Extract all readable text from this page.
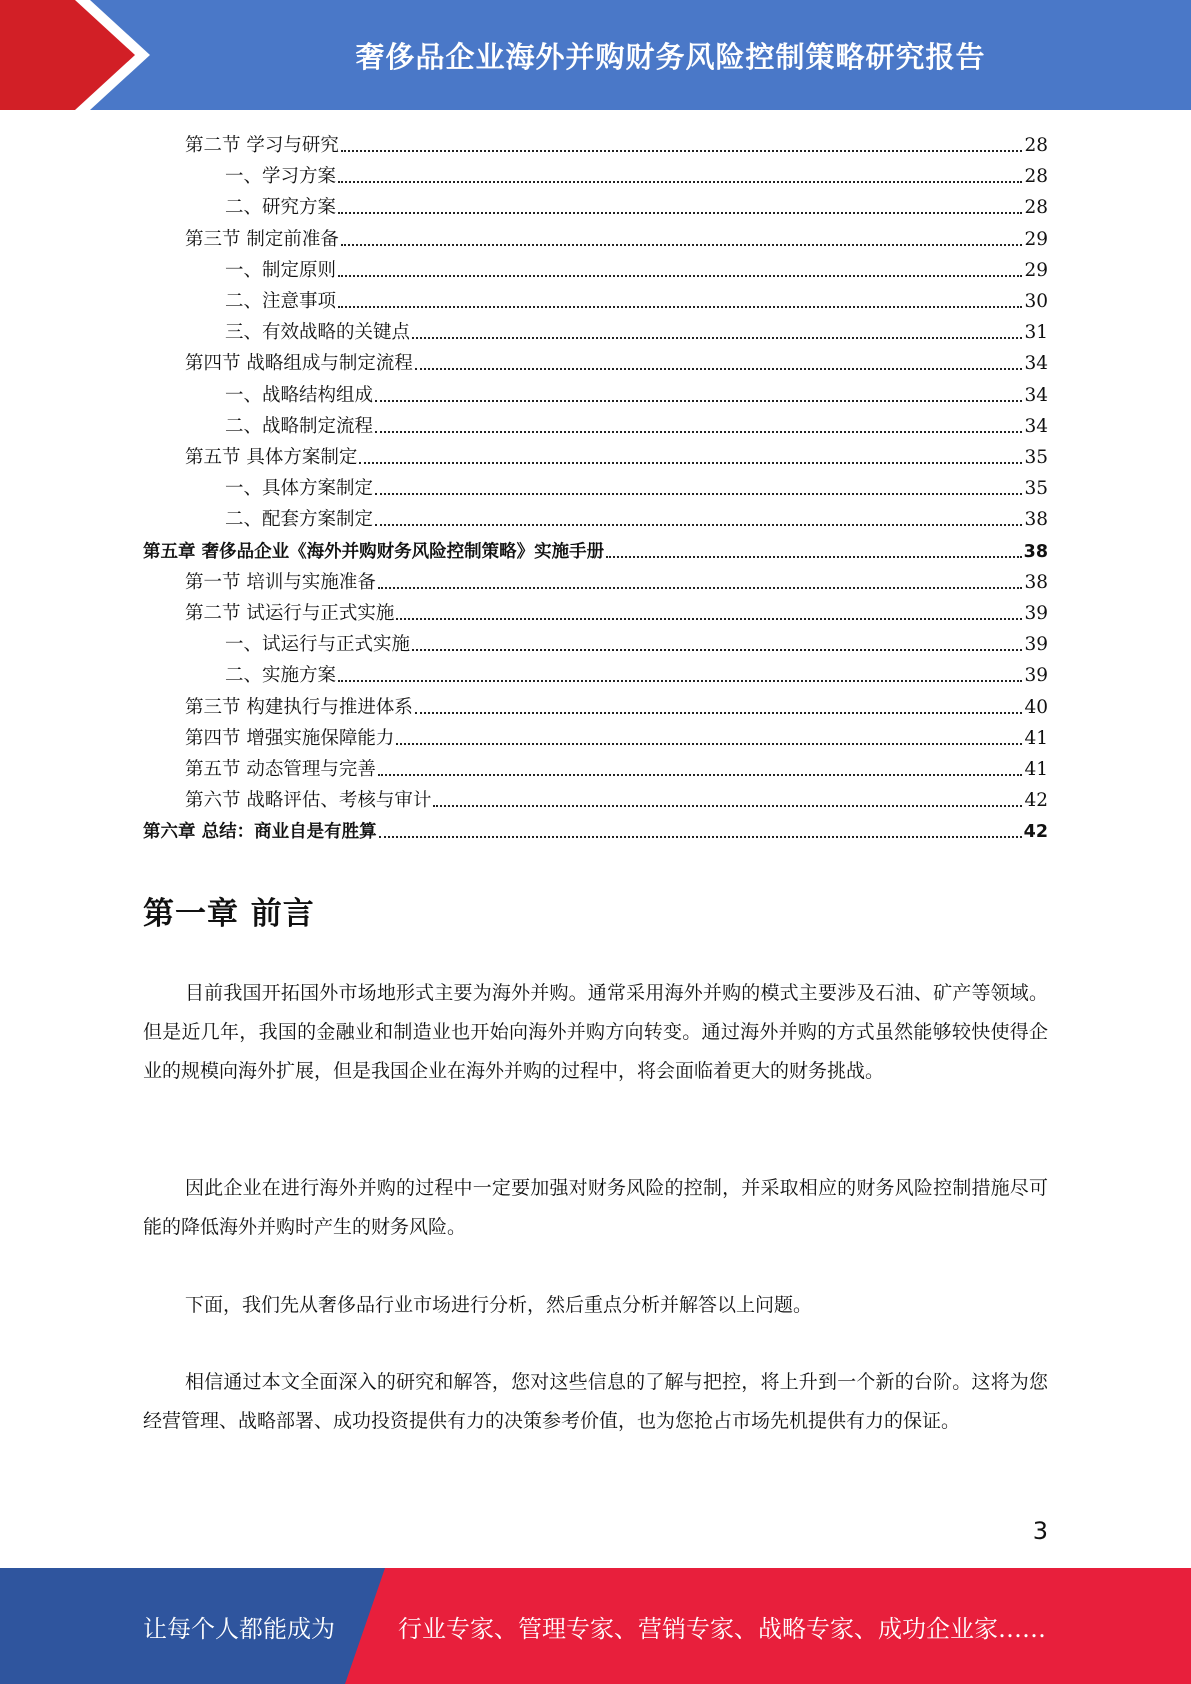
奢侈品企业海外并购财务风险控制策略研究报告
第二节 学习与研究	28
一、学习方案	28
二、研究方案	28
第三节 制定前准备	29
一、制定原则	29
二、注意事项	30
三、有效战略的关键点	31
第四节 战略组成与制定流程	34
一、战略结构组成	34
二、战略制定流程	34
第五节 具体方案制定	35
一、具体方案制定	35
二、配套方案制定	38
第五章 奢侈品企业《海外并购财务风险控制策略》实施手册	38
第一节 培训与实施准备	38
第二节 试运行与正式实施	39
一、试运行与正式实施	39
二、实施方案	39
第三节 构建执行与推进体系	40
第四节 增强实施保障能力	41
第五节 动态管理与完善	41
第六节 战略评估、考核与审计	42
第六章 总结：商业自是有胜算	42
第一章 前言

目前我国开拓国外市场地形式主要为海外并购。通常采用海外并购的模式主要涉及石油、矿产等领域。但是近几年，我国的金融业和制造业也开始向海外并购方向转变。通过海外并购的方式虽然能够较快使得企业的规模向海外扩展，但是我国企业在海外并购的过程中，将会面临着更大的财务挑战。

因此企业在进行海外并购的过程中一定要加强对财务风险的控制，并采取相应的财务风险控制措施尽可能的降低海外并购时产生的财务风险。

下面，我们先从奢侈品行业市场进行分析，然后重点分析并解答以上问题。

相信通过本文全面深入的研究和解答，您对这些信息的了解与把控，将上升到一个新的台阶。这将为您经营管理、战略部署、成功投资提供有力的决策参考价值，也为您抢占市场先机提供有力的保证。

3
让每个人都能成为	行业专家、管理专家、营销专家、战略专家、成功企业家……
